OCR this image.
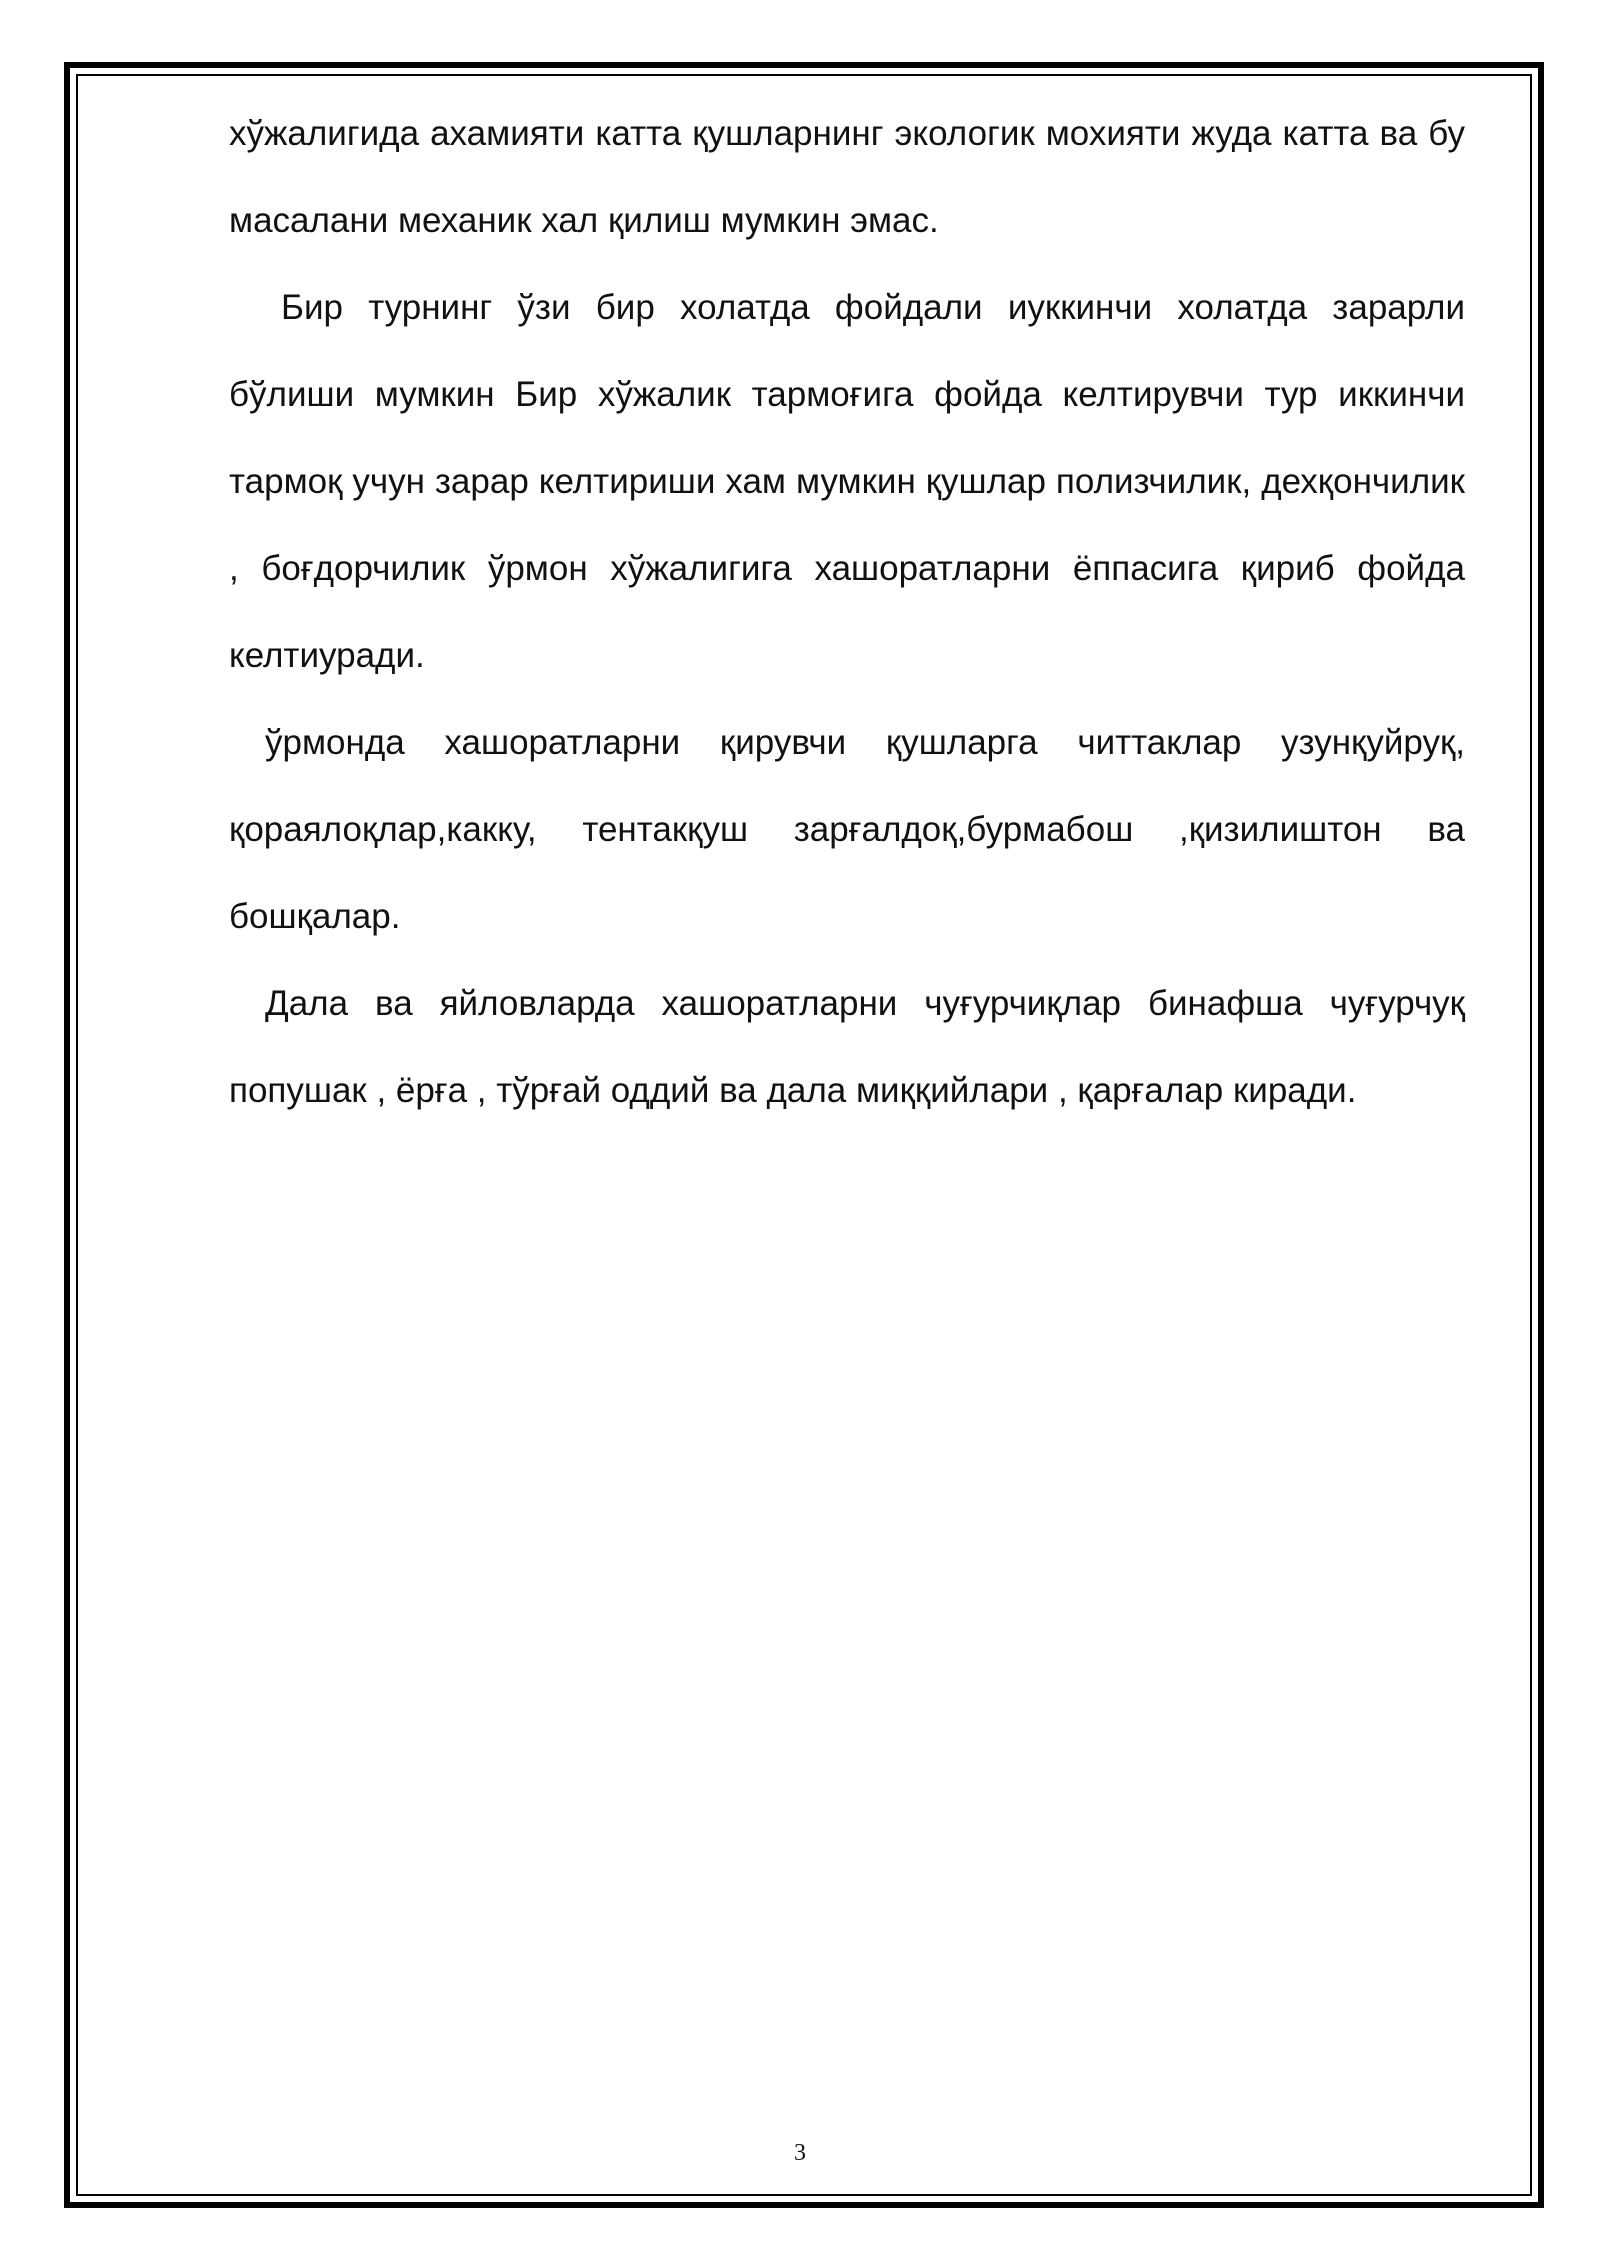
хўжалигида ахамияти катта қушларнинг экологик мохияти жуда катта ва бу масалани механик хал қилиш мумкин эмас.

Бир турнинг ўзи бир холатда фойдали иуккинчи холатда зарарли бўлиши мумкин Бир хўжалик тармоғига фойда келтирувчи тур иккинчи тармоқ учун зарар келтириши хам мумкин қушлар полизчилик, дехқончилик , боғдорчилик ўрмон хўжалигига хашоратларни ёппасига қириб фойда келтиуради.

ўрмонда хашоратларни қирувчи қушларга читтаклар узунқуйруқ, қораялоқлар,какку, тентакқуш зарғалдоқ,бурмабош ,қизилиштон ва бошқалар.

Дала ва яйловларда хашоратларни чуғурчиқлар бинафша чуғурчуқ попушак , ёрға , тўрғай оддий ва дала миққийлари , қарғалар киради.

3
